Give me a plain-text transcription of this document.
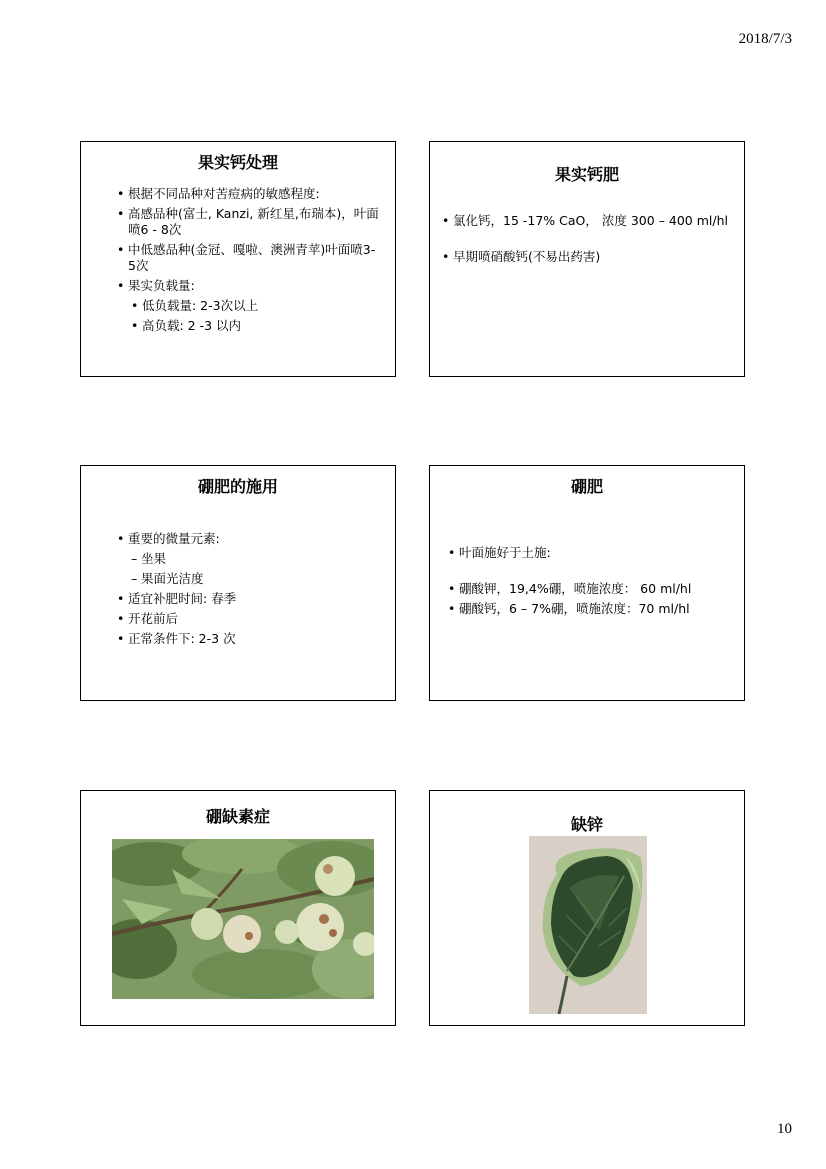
2018/7/3
果实钙处理
• 根据不同品种对苦痘病的敏感程度:
• 高感品种(富士, Kanzi, 新红星,布瑞本)，叶面喷6 - 8次
• 中低感品种(金冠、嘎啦、澳洲青苹)叶面喷3-5次
• 果实负载量:
• 低负载量: 2-3次以上
• 高负载: 2 -3 以内
果实钙肥
• 氯化钙，15 -17% CaO， 浓度 300 – 400 ml/hl
• 早期喷硝酸钙(不易出药害)
硼肥的施用
• 重要的微量元素:
– 坐果
– 果面光洁度
• 适宜补肥时间: 春季
• 开花前后
• 正常条件下: 2-3 次
硼肥
• 叶面施好于土施:
• 硼酸钾，19,4%硼，喷施浓度： 60 ml/hl
• 硼酸钙，6 – 7%硼，喷施浓度：70 ml/hl
硼缺素症	缺锌
10
